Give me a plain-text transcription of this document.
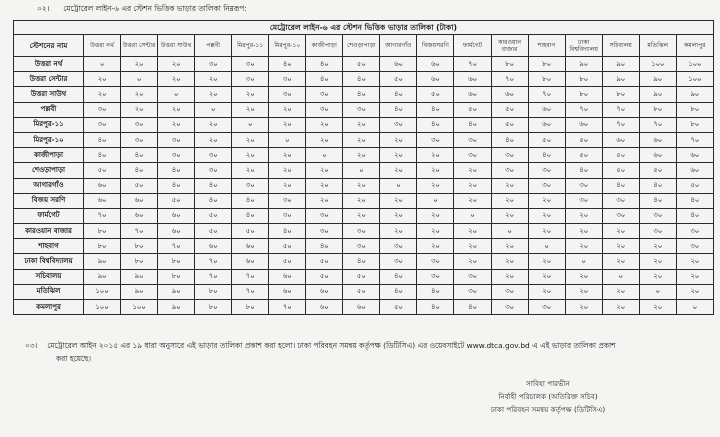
০২। মেট্রোরেল লাইন-৬ এর স্টেশন ভিত্তিক ভাড়ার তালিকা নিম্নরূপ:
মেট্রোরেল লাইন-৬ এর স্টেশন ভিত্তিক ভাড়ার তালিকা (টাকা)																	
স্টেশনের নাম	উত্তরা নর্থ	উত্তরা সেন্টার	উত্তরা সাউথ	পল্লবী	মিরপুর-১১	মিরপুর-১০	কাজীপাড়া	শেওড়াপাড়া	আগারগাঁও	বিজয়সরণি	ফার্মগেট	কারওয়ান বাজার	শাহবাগ	ঢাকা বিশ্ববিদ্যালয়	সচিবালয়	মতিঝিল	কমলাপুর
উত্তরা নর্থ	০	২০	২০	৩০	৩০	৪০	৪০	৫০	৬০	৬০	৭০	৮০	৮০	৯০	৯০	১০০	১০০
উত্তরা সেন্টার	২০	০	২০	২০	৩০	৩০	৪০	৪০	৫০	৬০	৬০	৭০	৮০	৮০	৯০	৯০	১০০
উত্তরা সাউথ	২০	২০	০	২০	২০	৩০	৩০	৪০	৪০	৫০	৬০	৬০	৭০	৮০	৮০	৯০	৯০
পল্লবী	৩০	২০	২০	০	২০	২০	৩০	৩০	৪০	৪০	৫০	৫০	৬০	৭০	৭০	৮০	৮০
মিরপুর-১১	৩০	৩০	২০	২০	০	২০	২০	২০	৩০	৪০	৪০	৫০	৬০	৬০	৭০	৭০	৮০
মিরপুর-১০	৪০	৩০	৩০	২০	২০	০	২০	২০	২০	৩০	৩০	৪০	৫০	৫০	৬০	৬০	৭০
কাজীপাড়া	৪০	৪০	৩০	৩০	২০	২০	০	২০	২০	২০	৩০	৩০	৪০	৫০	৫০	৬০	৬০
শেওড়াপাড়া	৫০	৪০	৪০	৩০	২০	২০	২০	০	২০	২০	২০	৩০	৩০	৪০	৫০	৫০	৬০
আগারগাঁও	৬০	৫০	৪০	৪০	৩০	২০	২০	২০	০	২০	২০	২০	৩০	৩০	৪০	৪০	৫০
বিজয় সরণি	৬০	৬০	৫০	৪০	৪০	৩০	২০	২০	২০	০	২০	২০	২০	৩০	৩০	৪০	৪০
ফার্মগেট	৭০	৬০	৬০	৫০	৪০	৩০	৩০	২০	২০	২০	০	২০	২০	২০	৩০	৩০	৪০
কারওয়ান বাজার	৮০	৭০	৬০	৫০	৫০	৪০	৩০	৩০	২০	২০	২০	০	২০	২০	২০	৩০	৩০
শাহবাগ	৮০	৮০	৭০	৬০	৬০	৫০	৪০	৩০	৩০	২০	২০	২০	০	২০	২০	২০	৩০
ঢাকা বিশ্ববিদ্যালয়	৯০	৮০	৮০	৭০	৬০	৫০	৫০	৪০	৩০	৩০	২০	২০	২০	০	২০	২০	২০
সচিবালয়	৯০	৯০	৮০	৭০	৭০	৬০	৫০	৫০	৪০	৩০	৩০	২০	২০	২০	০	২০	২০
মতিঝিল	১০০	৯০	৯০	৮০	৭০	৬০	৬০	৫০	৪০	৪০	৩০	৩০	২০	২০	২০	০	২০
কমলাপুর	১০০	১০০	৯০	৮০	৮০	৭০	৬০	৬০	৫০	৪০	৪০	৩০	৩০	২০	২০	২০	০
০৩। মেট্রোরেল আইন ২০১৫ এর ১৯ ধারা অনুসারে এই ভাড়ার তালিকা প্রকাশ করা হলো। ঢাকা পরিবহন সমন্বয় কর্তৃপক্ষ (ডিটিসিএ) এর ওয়েবসাইটে www.dtca.gov.bd এ এই ভাড়ার তালিকা প্রকাশ
করা হয়েছে।
সাবিহা পারভীন
নির্বাহী পরিচালক (অতিরিক্ত সচিব)
ঢাকা পরিবহন সমন্বয় কর্তৃপক্ষ (ডিটিসিএ)
